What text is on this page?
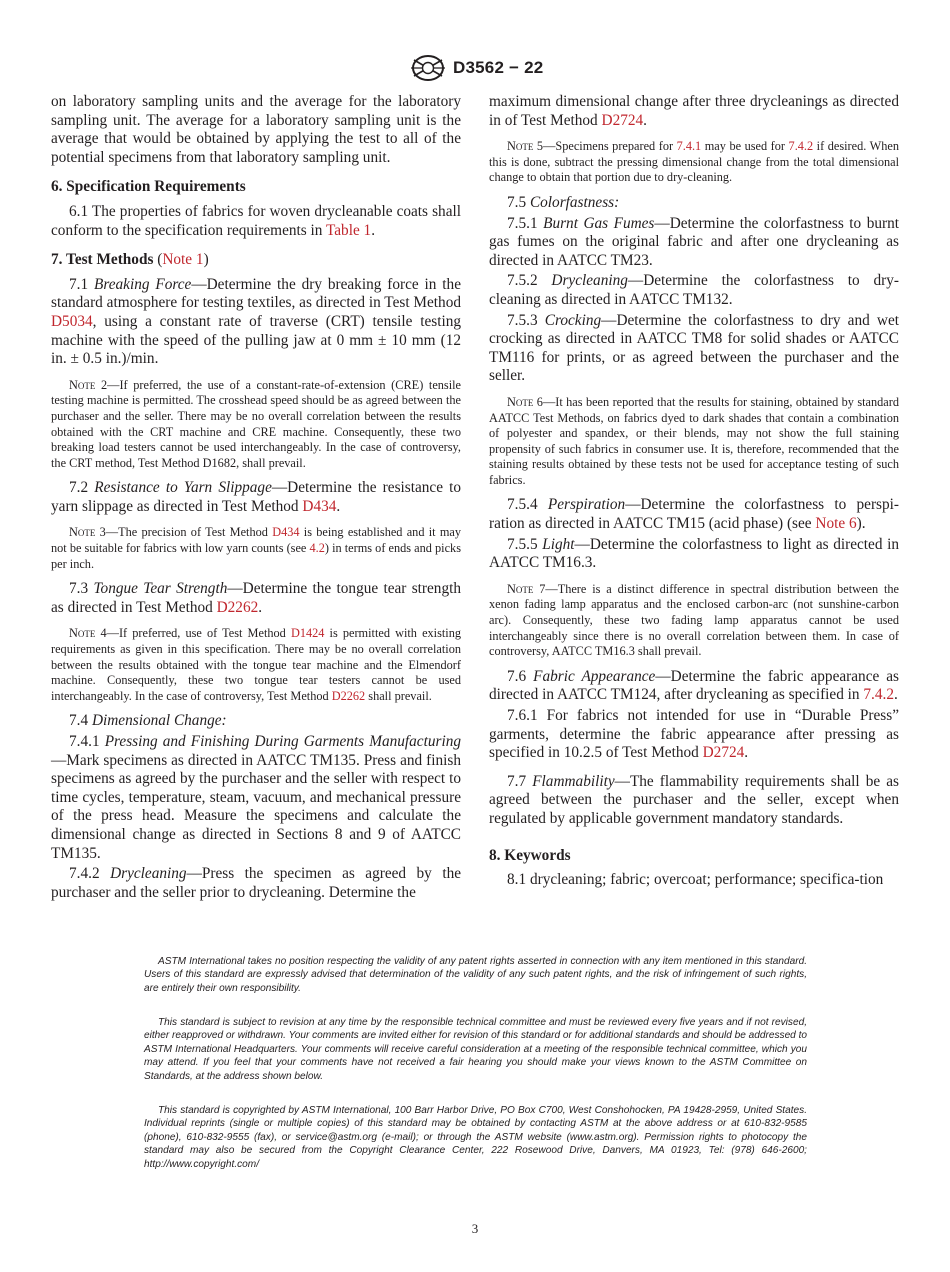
D3562 − 22

on laboratory sampling units and the average for the laboratory sampling unit. The average for a laboratory sampling unit is the average that would be obtained by applying the test to all of the potential specimens from that laboratory sampling unit.

6. Specification Requirements

6.1 The properties of fabrics for woven drycleanable coats shall conform to the specification requirements in Table 1.

7. Test Methods (Note 1)

7.1 Breaking Force—Determine the dry breaking force in the standard atmosphere for testing textiles, as directed in Test Method D5034, using a constant rate of traverse (CRT) tensile testing machine with the speed of the pulling jaw at 0 mm ± 10 mm (12 in. ± 0.5 in.)/min.

Note 2—If preferred, the use of a constant-rate-of-extension (CRE) tensile testing machine is permitted. The crosshead speed should be as agreed between the purchaser and the seller. There may be no overall correlation between the results obtained with the CRT machine and CRE machine. Consequently, these two breaking load testers cannot be used interchangeably. In the case of controversy, the CRT method, Test Method D1682, shall prevail.

7.2 Resistance to Yarn Slippage—Determine the resistance to yarn slippage as directed in Test Method D434.

Note 3—The precision of Test Method D434 is being established and it may not be suitable for fabrics with low yarn counts (see 4.2) in terms of ends and picks per inch.

7.3 Tongue Tear Strength—Determine the tongue tear strength as directed in Test Method D2262.

Note 4—If preferred, use of Test Method D1424 is permitted with existing requirements as given in this specification. There may be no overall correlation between the results obtained with the tongue tear machine and the Elmendorf machine. Consequently, these two tongue tear testers cannot be used interchangeably. In the case of controversy, Test Method D2262 shall prevail.

7.4 Dimensional Change:

7.4.1 Pressing and Finishing During Garments Manufacturing—Mark specimens as directed in AATCC TM135. Press and finish specimens as agreed by the purchaser and the seller with respect to time cycles, temperature, steam, vacuum, and mechanical pressure of the press head. Measure the specimens and calculate the dimensional change as directed in Sections 8 and 9 of AATCC TM135.

7.4.2 Drycleaning—Press the specimen as agreed by the purchaser and the seller prior to drycleaning. Determine the

maximum dimensional change after three drycleanings as directed in of Test Method D2724.

Note 5—Specimens prepared for 7.4.1 may be used for 7.4.2 if desired. When this is done, subtract the pressing dimensional change from the total dimensional change to obtain that portion due to dry-cleaning.

7.5 Colorfastness:

7.5.1 Burnt Gas Fumes—Determine the colorfastness to burnt gas fumes on the original fabric and after one drycleaning as directed in AATCC TM23.

7.5.2 Drycleaning—Determine the colorfastness to dry-cleaning as directed in AATCC TM132.

7.5.3 Crocking—Determine the colorfastness to dry and wet crocking as directed in AATCC TM8 for solid shades or AATCC TM116 for prints, or as agreed between the purchaser and the seller.

Note 6—It has been reported that the results for staining, obtained by standard AATCC Test Methods, on fabrics dyed to dark shades that contain a combination of polyester and spandex, or their blends, may not show the full staining propensity of such fabrics in consumer use. It is, therefore, recommended that the staining results obtained by these tests not be used for acceptance testing of such fabrics.

7.5.4 Perspiration—Determine the colorfastness to perspi-ration as directed in AATCC TM15 (acid phase) (see Note 6).

7.5.5 Light—Determine the colorfastness to light as directed in AATCC TM16.3.

Note 7—There is a distinct difference in spectral distribution between the xenon fading lamp apparatus and the enclosed carbon-arc (not sunshine-carbon arc). Consequently, these two fading lamp apparatus cannot be used interchangeably since there is no overall correlation between them. In case of controversy, AATCC TM16.3 shall prevail.

7.6 Fabric Appearance—Determine the fabric appearance as directed in AATCC TM124, after drycleaning as specified in 7.4.2.

7.6.1 For fabrics not intended for use in “Durable Press” garments, determine the fabric appearance after pressing as specified in 10.2.5 of Test Method D2724.

7.7 Flammability—The flammability requirements shall be as agreed between the purchaser and the seller, except when regulated by applicable government mandatory standards.

8. Keywords

8.1 drycleaning; fabric; overcoat; performance; specifica-tion

ASTM International takes no position respecting the validity of any patent rights asserted in connection with any item mentioned in this standard. Users of this standard are expressly advised that determination of the validity of any such patent rights, and the risk of infringement of such rights, are entirely their own responsibility.

This standard is subject to revision at any time by the responsible technical committee and must be reviewed every five years and if not revised, either reapproved or withdrawn. Your comments are invited either for revision of this standard or for additional standards and should be addressed to ASTM International Headquarters. Your comments will receive careful consideration at a meeting of the responsible technical committee, which you may attend. If you feel that your comments have not received a fair hearing you should make your views known to the ASTM Committee on Standards, at the address shown below.

This standard is copyrighted by ASTM International, 100 Barr Harbor Drive, PO Box C700, West Conshohocken, PA 19428-2959, United States. Individual reprints (single or multiple copies) of this standard may be obtained by contacting ASTM at the above address or at 610-832-9585 (phone), 610-832-9555 (fax), or service@astm.org (e-mail); or through the ASTM website (www.astm.org). Permission rights to photocopy the standard may also be secured from the Copyright Clearance Center, 222 Rosewood Drive, Danvers, MA 01923, Tel: (978) 646-2600; http://www.copyright.com/

3
